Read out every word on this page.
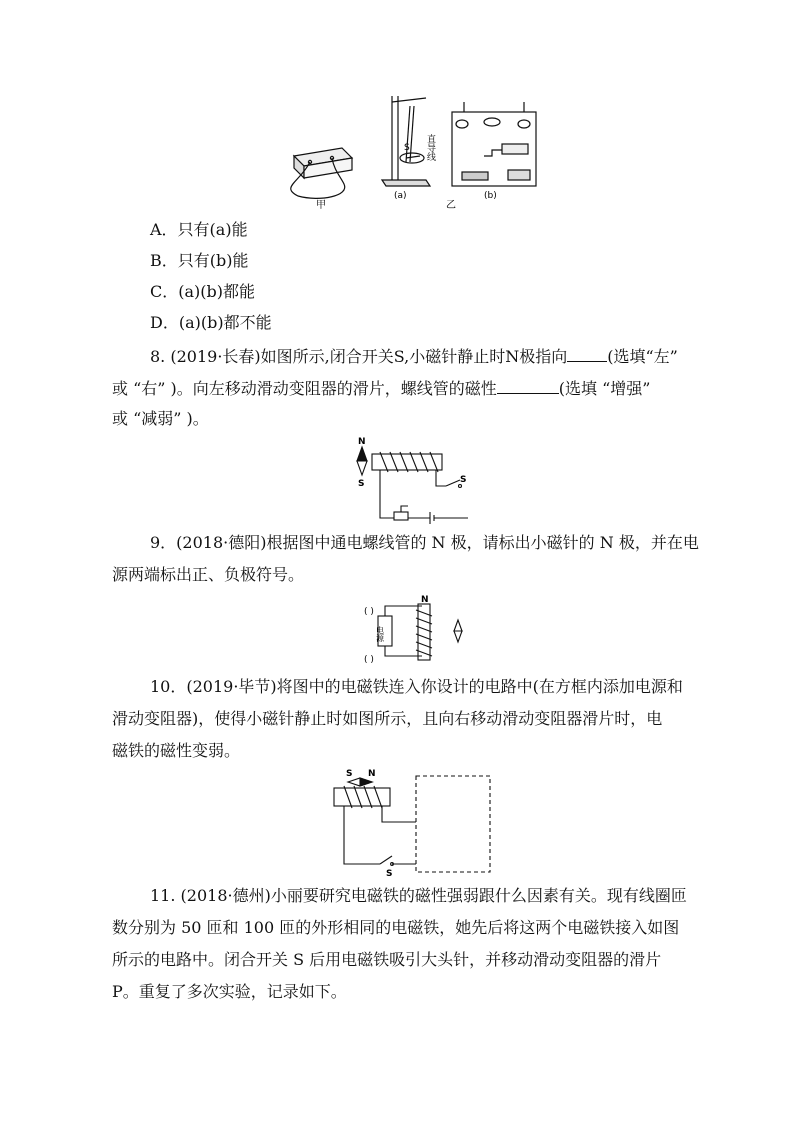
甲
S 直导线
(a)	(b)
乙
A．只有(a)能
B．只有(b)能
C．(a)(b)都能
D．(a)(b)都不能
8. (2019·长春)如图所示,闭合开关S,小磁针静止时N极指向	(选填“左”
或 “右” )。向左移动滑动变阻器的滑片，螺线管的磁性	(选填 “增强”
或 “减弱” )。
N
S	S
9．(2018·德阳)根据图中通电螺线管的 N 极，请标出小磁针的 N 极，并在电
源两端标出正、负极符号。
( )
( )
电源
N
10．(2019·毕节)将图中的电磁铁连入你设计的电路中(在方框内添加电源和
滑动变阻器)，使得小磁针静止时如图所示，且向右移动滑动变阻器滑片时，电
磁铁的磁性变弱。
S N
S
11. (2018·德州)小丽要研究电磁铁的磁性强弱跟什么因素有关。现有线圈匝
数分别为 50 匝和 100 匝的外形相同的电磁铁，她先后将这两个电磁铁接入如图
所示的电路中。闭合开关 S 后用电磁铁吸引大头针，并移动滑动变阻器的滑片
P。重复了多次实验，记录如下。
